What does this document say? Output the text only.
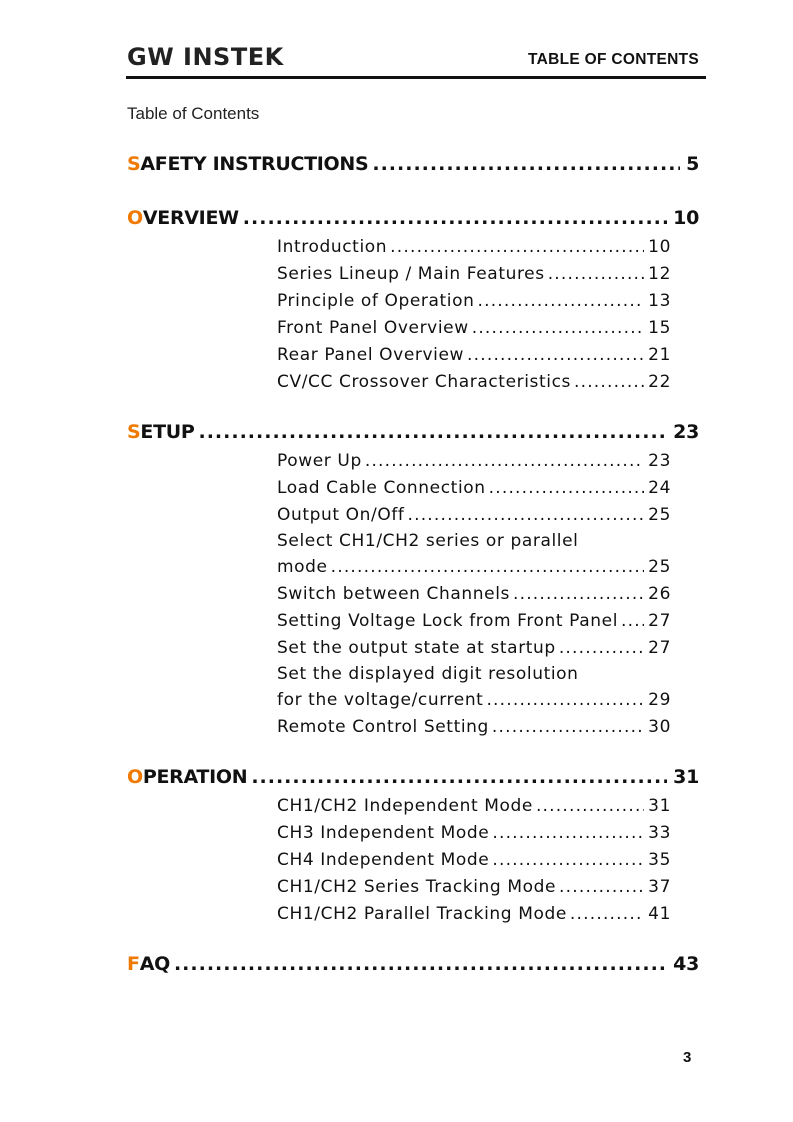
GW INSTEK	TABLE OF CONTENTS
Table of Contents
S AFETY INSTRUCTIONS .....	5
O VERVIEW .....	10
Introduction .....	10
Series Lineup / Main Features .....	12
Principle of Operation .....	13
Front Panel Overview .....	15
Rear Panel Overview .....	21
CV/CC Crossover Characteristics .....	22
S ETUP .....	23
Power Up .....	23
Load Cable Connection .....	24
Output On/Off .....	25
Select CH1/CH2 series or parallel
mode .....	25
Switch between Channels .....	26
Setting Voltage Lock from Front Panel ..... 27
Set the output state at startup .....	27
Set the displayed digit resolution
for the voltage/current .....	29
Remote Control Setting .....	30
O PERATION .....	31
CH1/CH2 Independent Mode .....	31
CH3 Independent Mode .....	33
CH4 Independent Mode .....	35
CH1/CH2 Series Tracking Mode .....	37
CH1/CH2 Parallel Tracking Mode .....	41
F AQ .....	43
3
